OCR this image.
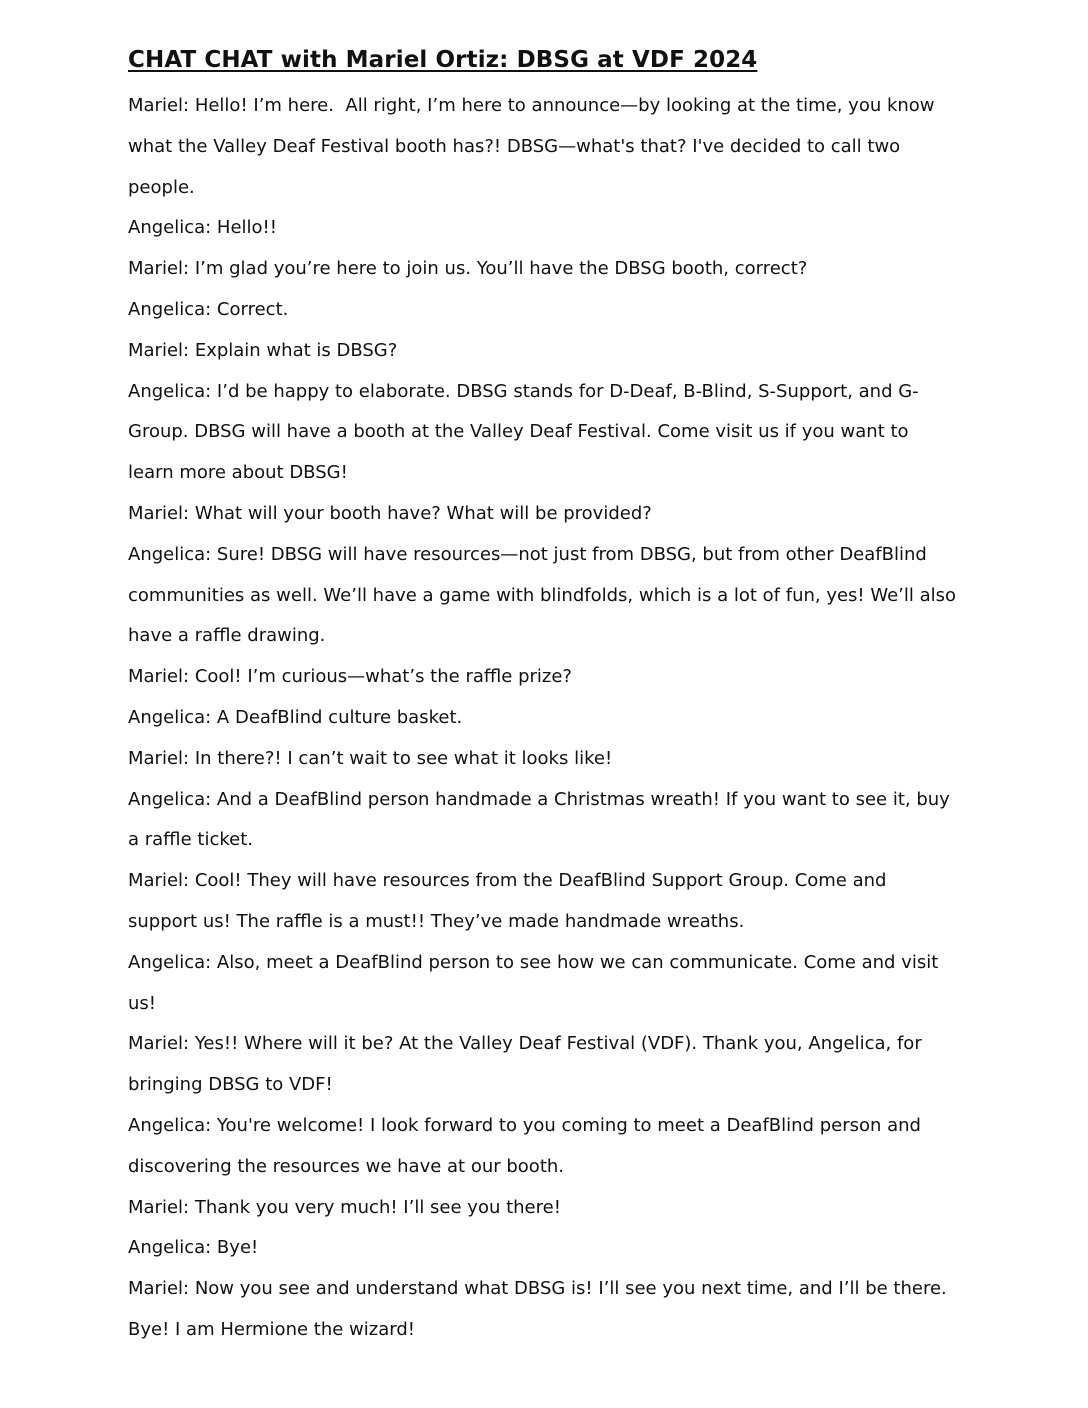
CHAT CHAT with Mariel Ortiz: DBSG at VDF 2024

Mariel: Hello! I’m here.  All right, I’m here to announce—by looking at the time, you know

what the Valley Deaf Festival booth has?! DBSG—what's that? I've decided to call two

people.

Angelica: Hello!!

Mariel: I’m glad you’re here to join us. You’ll have the DBSG booth, correct?

Angelica: Correct.

Mariel: Explain what is DBSG?

Angelica: I’d be happy to elaborate. DBSG stands for D-Deaf, B-Blind, S-Support, and G-

Group. DBSG will have a booth at the Valley Deaf Festival. Come visit us if you want to

learn more about DBSG!

Mariel: What will your booth have? What will be provided?

Angelica: Sure! DBSG will have resources—not just from DBSG, but from other DeafBlind

communities as well. We’ll have a game with blindfolds, which is a lot of fun, yes! We’ll also

have a raffle drawing.

Mariel: Cool! I’m curious—what’s the raffle prize?

Angelica: A DeafBlind culture basket.

Mariel: In there?! I can’t wait to see what it looks like!

Angelica: And a DeafBlind person handmade a Christmas wreath! If you want to see it, buy

a raffle ticket.

Mariel: Cool! They will have resources from the DeafBlind Support Group. Come and

support us! The raffle is a must!! They’ve made handmade wreaths.

Angelica: Also, meet a DeafBlind person to see how we can communicate. Come and visit us!

Mariel: Yes!! Where will it be? At the Valley Deaf Festival (VDF). Thank you, Angelica, for

bringing DBSG to VDF!

Angelica: You're welcome! I look forward to you coming to meet a DeafBlind person and

discovering the resources we have at our booth.

Mariel: Thank you very much! I’ll see you there!

Angelica: Bye!

Mariel: Now you see and understand what DBSG is! I’ll see you next time, and I’ll be there.

Bye! I am Hermione the wizard!
